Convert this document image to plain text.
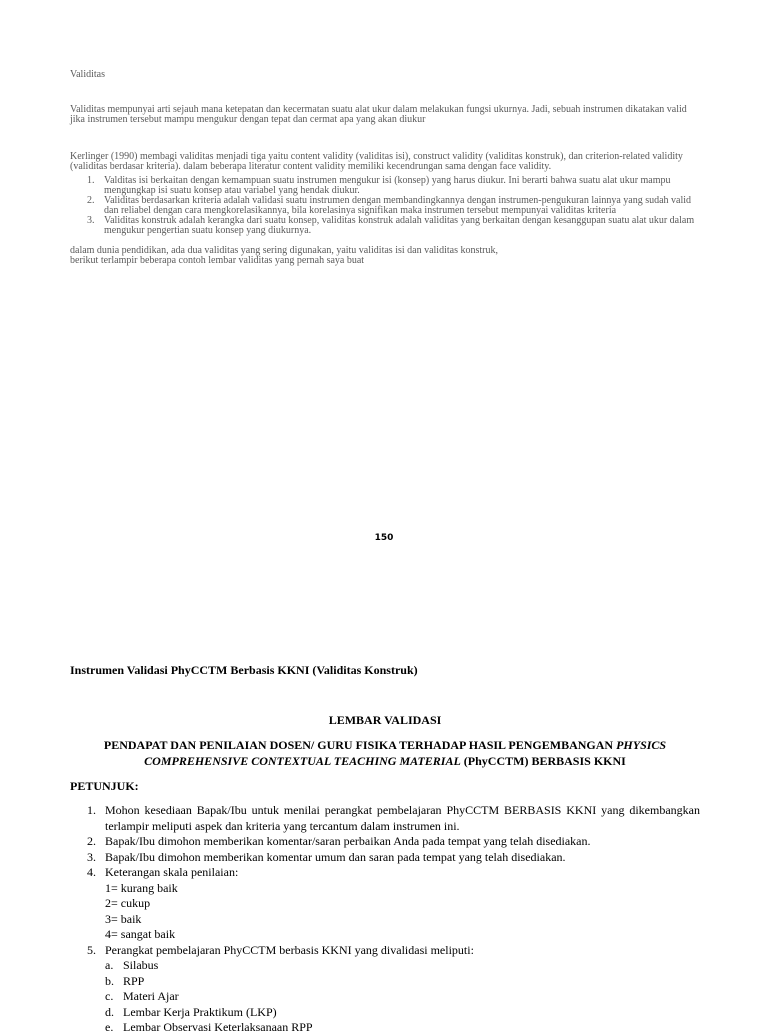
Validitas

Validitas mempunyai arti sejauh mana ketepatan dan kecermatan suatu alat ukur dalam melakukan fungsi ukurnya. Jadi, sebuah instrumen dikatakan valid jika instrumen tersebut mampu mengukur dengan tepat dan cermat apa yang akan diukur

Kerlinger (1990) membagi validitas menjadi tiga yaitu content validity (validitas isi), construct validity (validitas konstruk), dan criterion-related validity (validitas berdasar kriteria). dalam beberapa literatur content validity memiliki kecendrungan sama dengan face validity.

1. Valditas isi berkaitan dengan kemampuan suatu instrumen mengukur isi (konsep) yang harus diukur. Ini berarti bahwa suatu alat ukur mampu mengungkap isi suatu konsep atau variabel yang hendak diukur.
2. Validitas berdasarkan kriteria adalah validasi suatu instrumen dengan membandingkannya dengan instrumen-pengukuran lainnya yang sudah valid dan reliabel dengan cara mengkorelasikannya, bila korelasinya signifikan maka instrumen tersebut mempunyai validitas kriteria
3. Validitas konstruk adalah kerangka dari suatu konsep, validitas konstruk adalah validitas yang berkaitan dengan kesanggupan suatu alat ukur dalam mengukur pengertian suatu konsep yang diukurnya.

dalam dunia pendidikan, ada dua validitas yang sering digunakan, yaitu validitas isi dan validitas konstruk,

berikut terlampir beberapa contoh lembar validitas yang pernah saya buat

150
Instrumen Validasi PhyCCTM Berbasis KKNI (Validitas Konstruk)
LEMBAR VALIDASI
PENDAPAT DAN PENILAIAN DOSEN/ GURU FISIKA TERHADAP HASIL PENGEMBANGAN PHYSICS
COMPREHENSIVE CONTEXTUAL TEACHING MATERIAL (PhyCCTM) BERBASIS KKNI
PETUNJUK:
1. Mohon kesediaan Bapak/Ibu untuk menilai perangkat pembelajaran PhyCCTM BERBASIS KKNI yang dikembangkan terlampir meliputi aspek dan kriteria yang tercantum dalam instrumen ini.
2. Bapak/Ibu dimohon memberikan komentar/saran perbaikan Anda pada tempat yang telah disediakan.
3. Bapak/Ibu dimohon memberikan komentar umum dan saran pada tempat yang telah disediakan.
4. Keterangan skala penilaian:
1= kurang baik
2= cukup
3= baik
4= sangat baik
5. Perangkat pembelajaran PhyCCTM berbasis KKNI yang divalidasi meliputi:
a. Silabus
b. RPP
c. Materi Ajar
d. Lembar Kerja Praktikum (LKP)
e. Lembar Observasi Keterlaksanaan RPP
